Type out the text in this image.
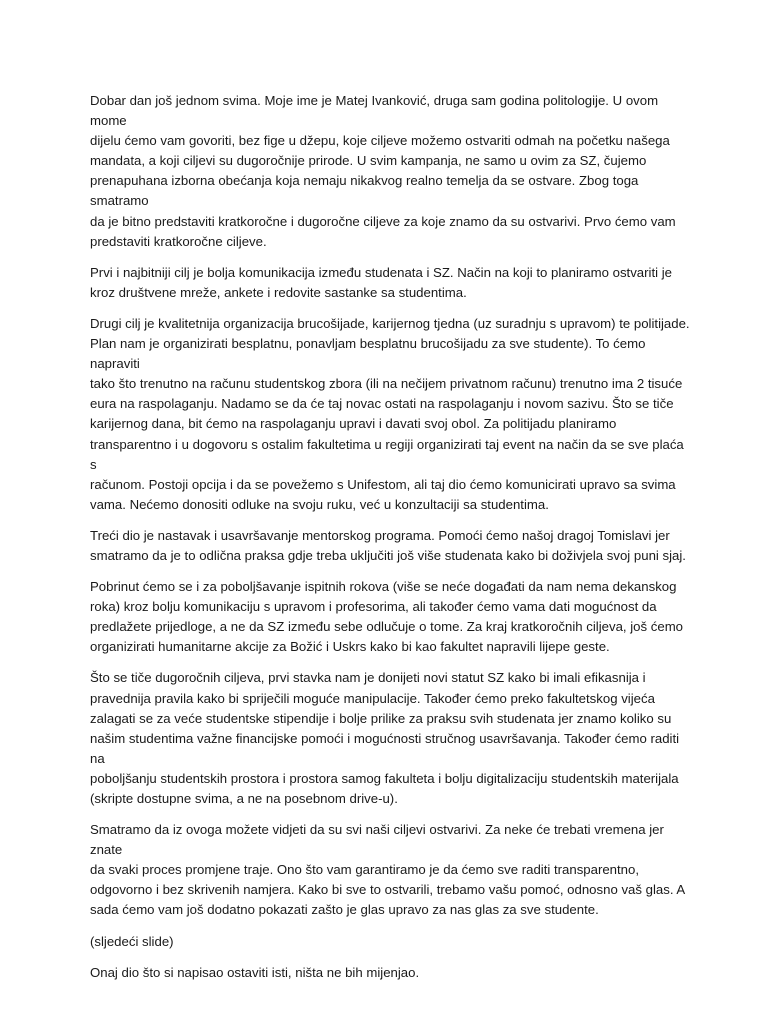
Dobar dan još jednom svima. Moje ime je Matej Ivanković, druga sam godina politologije. U ovom mome
dijelu ćemo vam govoriti, bez fige u džepu, koje ciljeve možemo ostvariti odmah na početku našega
mandata, a koji ciljevi su dugoročnije prirode. U svim kampanja, ne samo u ovim za SZ, čujemo
prenapuhana izborna obećanja koja nemaju nikakvog realno temelja da se ostvare. Zbog toga smatramo
da je bitno predstaviti kratkoročne i dugoročne ciljeve za koje znamo da su ostvarivi. Prvo ćemo vam
predstaviti kratkoročne ciljeve.

Prvi i najbitniji cilj je bolja komunikacija između studenata i SZ. Način na koji to planiramo ostvariti je
kroz društvene mreže, ankete i redovite sastanke sa studentima.

Drugi cilj je kvalitetnija organizacija brucošijade, karijernog tjedna (uz suradnju s upravom) te politijade.
Plan nam je organizirati besplatnu, ponavljam besplatnu brucošijadu za sve studente). To ćemo napraviti
tako što trenutno na računu studentskog zbora (ili na nečijem privatnom računu) trenutno ima 2 tisuće
eura na raspolaganju. Nadamo se da će taj novac ostati na raspolaganju i novom sazivu. Što se tiče
karijernog dana, bit ćemo na raspolaganju upravi i davati svoj obol. Za politijadu planiramo
transparentno i u dogovoru s ostalim fakultetima u regiji organizirati taj event na način da se sve plaća s
računom. Postoji opcija i da se povežemo s Unifestom, ali taj dio ćemo komunicirati upravo sa svima
vama. Nećemo donositi odluke na svoju ruku, već u konzultaciji sa studentima.

Treći dio je nastavak i usavršavanje mentorskog programa. Pomoći ćemo našoj dragoj Tomislavi jer
smatramo da je to odlična praksa gdje treba uključiti još više studenata kako bi doživjela svoj puni sjaj.

Pobrinut ćemo se i za poboljšavanje ispitnih rokova (više se neće događati da nam nema dekanskog
roka) kroz bolju komunikaciju s upravom i profesorima, ali također ćemo vama dati mogućnost da
predlažete prijedloge, a ne da SZ između sebe odlučuje o tome. Za kraj kratkoročnih ciljeva, još ćemo
organizirati humanitarne akcije za Božić i Uskrs kako bi kao fakultet napravili lijepe geste.

Što se tiče dugoročnih ciljeva, prvi stavka nam je donijeti novi statut SZ kako bi imali efikasnija i
pravednija pravila kako bi spriječili moguće manipulacije. Također ćemo preko fakultetskog vijeća
zalagati se za veće studentske stipendije i bolje prilike za praksu svih studenata jer znamo koliko su
našim studentima važne financijske pomoći i mogućnosti stručnog usavršavanja. Također ćemo raditi na
poboljšanju studentskih prostora i prostora samog fakulteta i bolju digitalizaciju studentskih materijala
(skripte dostupne svima, a ne na posebnom drive-u).

Smatramo da iz ovoga možete vidjeti da su svi naši ciljevi ostvarivi. Za neke će trebati vremena jer znate
da svaki proces promjene traje. Ono što vam garantiramo je da ćemo sve raditi transparentno,
odgovorno i bez skrivenih namjera. Kako bi sve to ostvarili, trebamo vašu pomoć, odnosno vaš glas. A
sada ćemo vam još dodatno pokazati zašto je glas upravo za nas glas za sve studente.

(sljedeći slide)

Onaj dio što si napisao ostaviti isti, ništa ne bih mijenjao.
